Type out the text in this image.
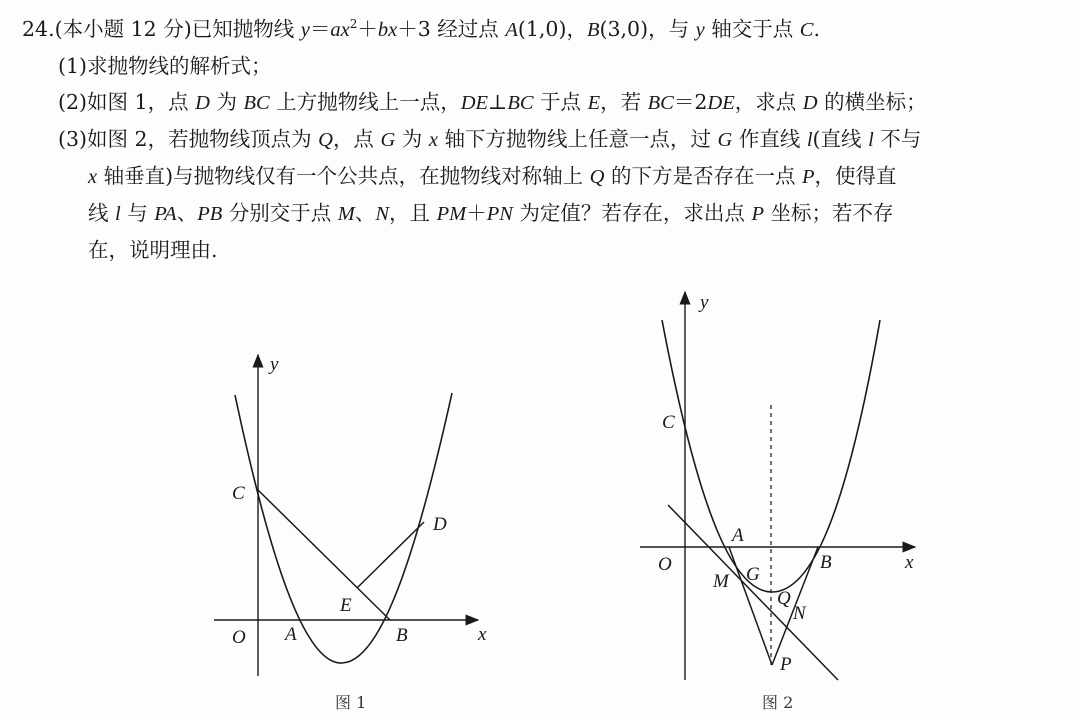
24.(本小题 12 分)已知抛物线 $y=ax^2+bx+3$ 经过点 A(1,0)，B(3,0)，与 y 轴交于点 C.
(1)求抛物线的解析式；
(2)如图 1，点 D 为 BC 上方抛物线上一点，DE⊥BC 于点 E，若 BC＝2DE，求点 D 的横坐标；
(3)如图 2，若抛物线顶点为 Q，点 G 为 x 轴下方抛物线上任意一点，过 G 作直线 l(直线 l 不与
x 轴垂直)与抛物线仅有一个公共点，在抛物线对称轴上 Q 的下方是否存在一点 P，使得直
线 l 与 PA、PB 分别交于点 M、N，且 PM＋PN 为定值？若存在，求出点 P 坐标；若不存
在，说明理由.
y
x
O A	B
C
D
E
图 1
y
x
O
A
B
C
G
M
Q
N
P
图 2
